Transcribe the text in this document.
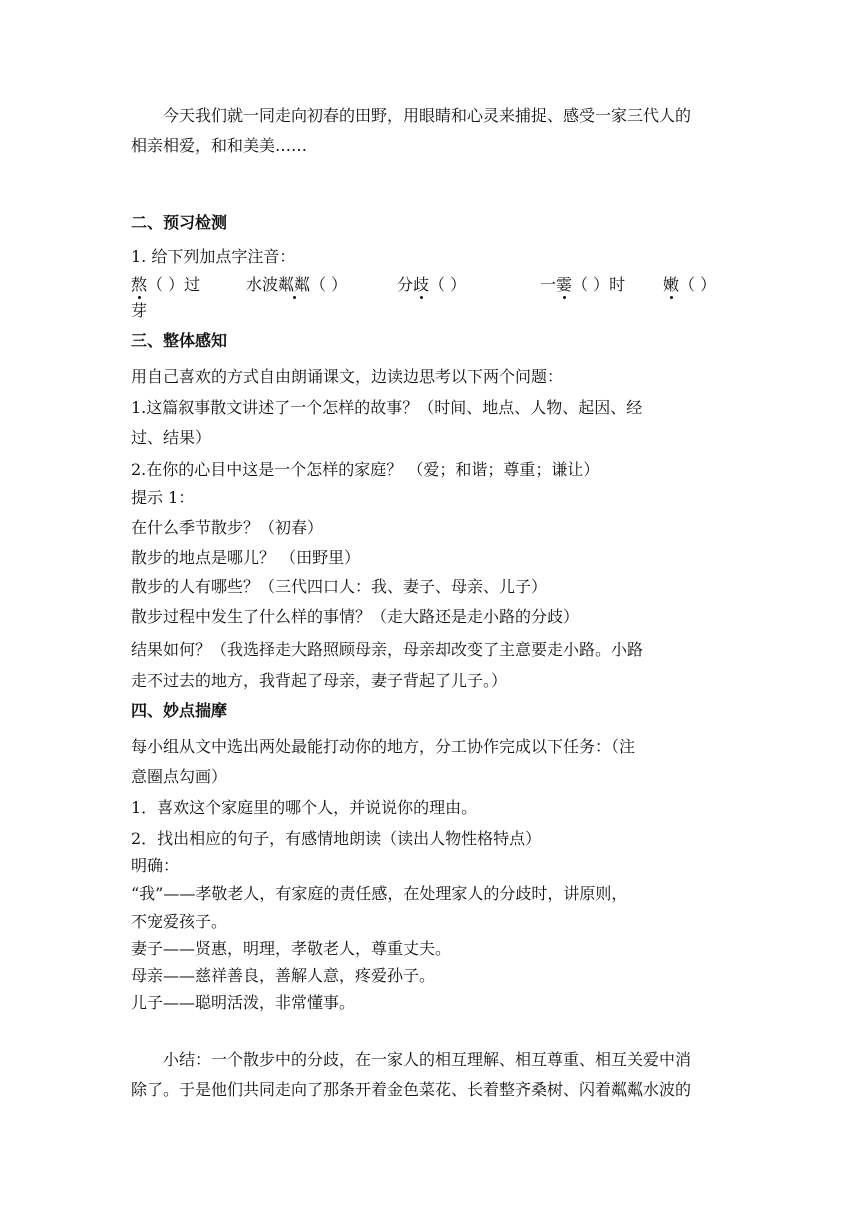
今天我们就一同走向初春的田野，用眼睛和心灵来捕捉、感受一家三代人的
相亲相爱，和和美美……
二、预习检测
1. 给下列加点字注音：
熬（ ）过	水波粼粼（ ）	分歧（ ）	一霎（ ）时 嫩（ ）
芽
三、整体感知
用自己喜欢的方式自由朗诵课文，边读边思考以下两个问题：
1.这篇叙事散文讲述了一个怎样的故事？（时间、地点、人物、起因、经
过、结果）
2.在你的心目中这是一个怎样的家庭？ （爱；和谐；尊重；谦让）
提示 1：
在什么季节散步？（初春）
散步的地点是哪儿？ （田野里）
散步的人有哪些？（三代四口人：我、妻子、母亲、儿子）
散步过程中发生了什么样的事情？（走大路还是走小路的分歧）
结果如何？（我选择走大路照顾母亲，母亲却改变了主意要走小路。小路
走不过去的地方，我背起了母亲，妻子背起了儿子。）
四、妙点揣摩
每小组从文中选出两处最能打动你的地方，分工协作完成以下任务：（注
意圈点勾画）
1．喜欢这个家庭里的哪个人，并说说你的理由。
2．找出相应的句子，有感情地朗读（读出人物性格特点）
明确：
“我”——孝敬老人，有家庭的责任感，在处理家人的分歧时，讲原则，
不宠爱孩子。
妻子——贤惠，明理，孝敬老人，尊重丈夫。
母亲——慈祥善良，善解人意，疼爱孙子。
儿子——聪明活泼，非常懂事。
小结：一个散步中的分歧，在一家人的相互理解、相互尊重、相互关爱中消
除了。于是他们共同走向了那条开着金色菜花、长着整齐桑树、闪着粼粼水波的
